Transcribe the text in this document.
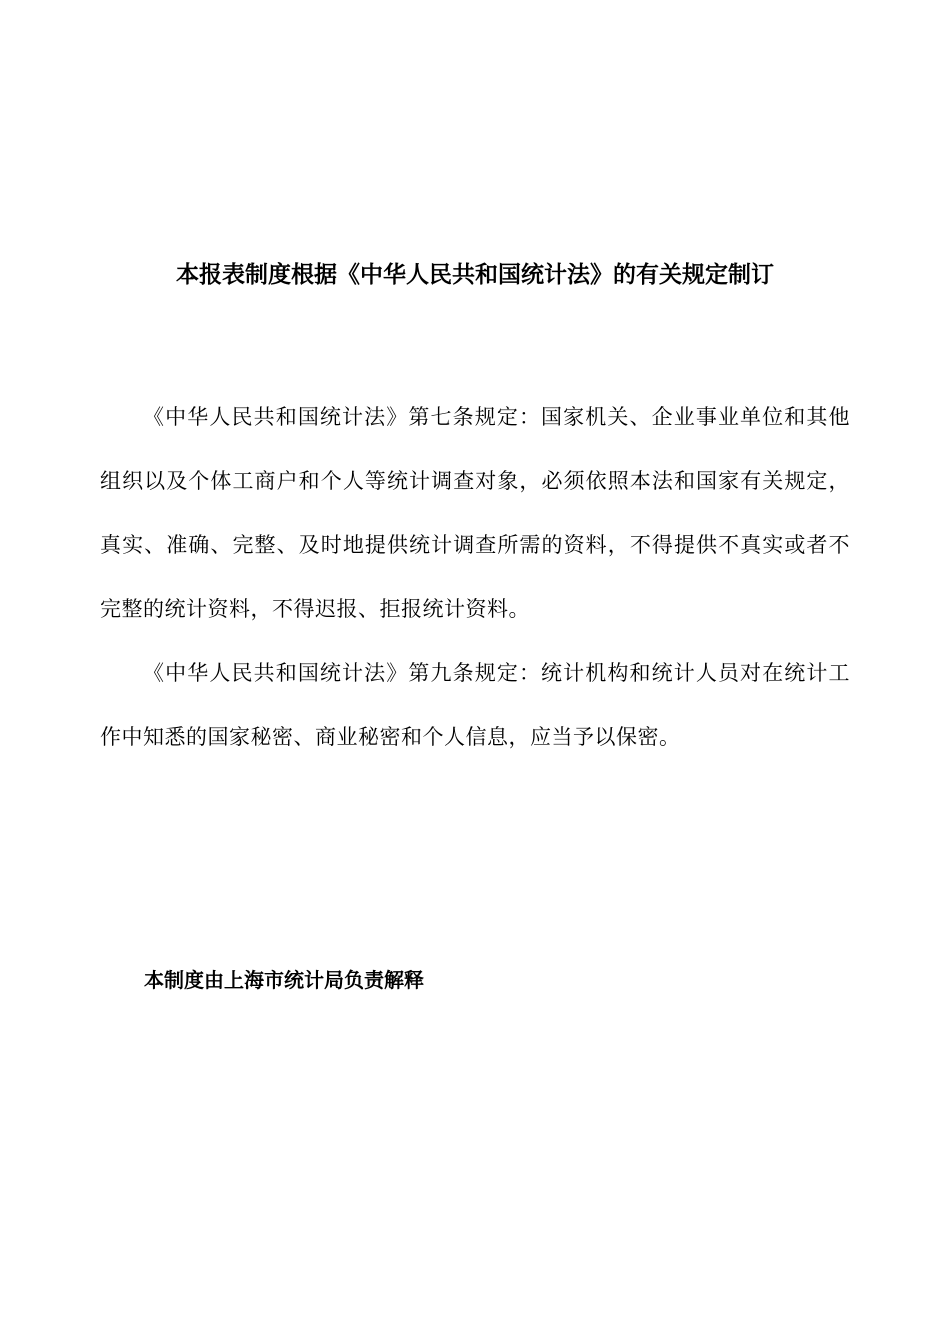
本报表制度根据《中华人民共和国统计法》的有关规定制订

《中华人民共和国统计法》第七条规定：国家机关、企业事业单位和其他组织以及个体工商户和个人等统计调查对象，必须依照本法和国家有关规定，真实、准确、完整、及时地提供统计调查所需的资料，不得提供不真实或者不完整的统计资料，不得迟报、拒报统计资料。

《中华人民共和国统计法》第九条规定：统计机构和统计人员对在统计工作中知悉的国家秘密、商业秘密和个人信息，应当予以保密。

本制度由上海市统计局负责解释
